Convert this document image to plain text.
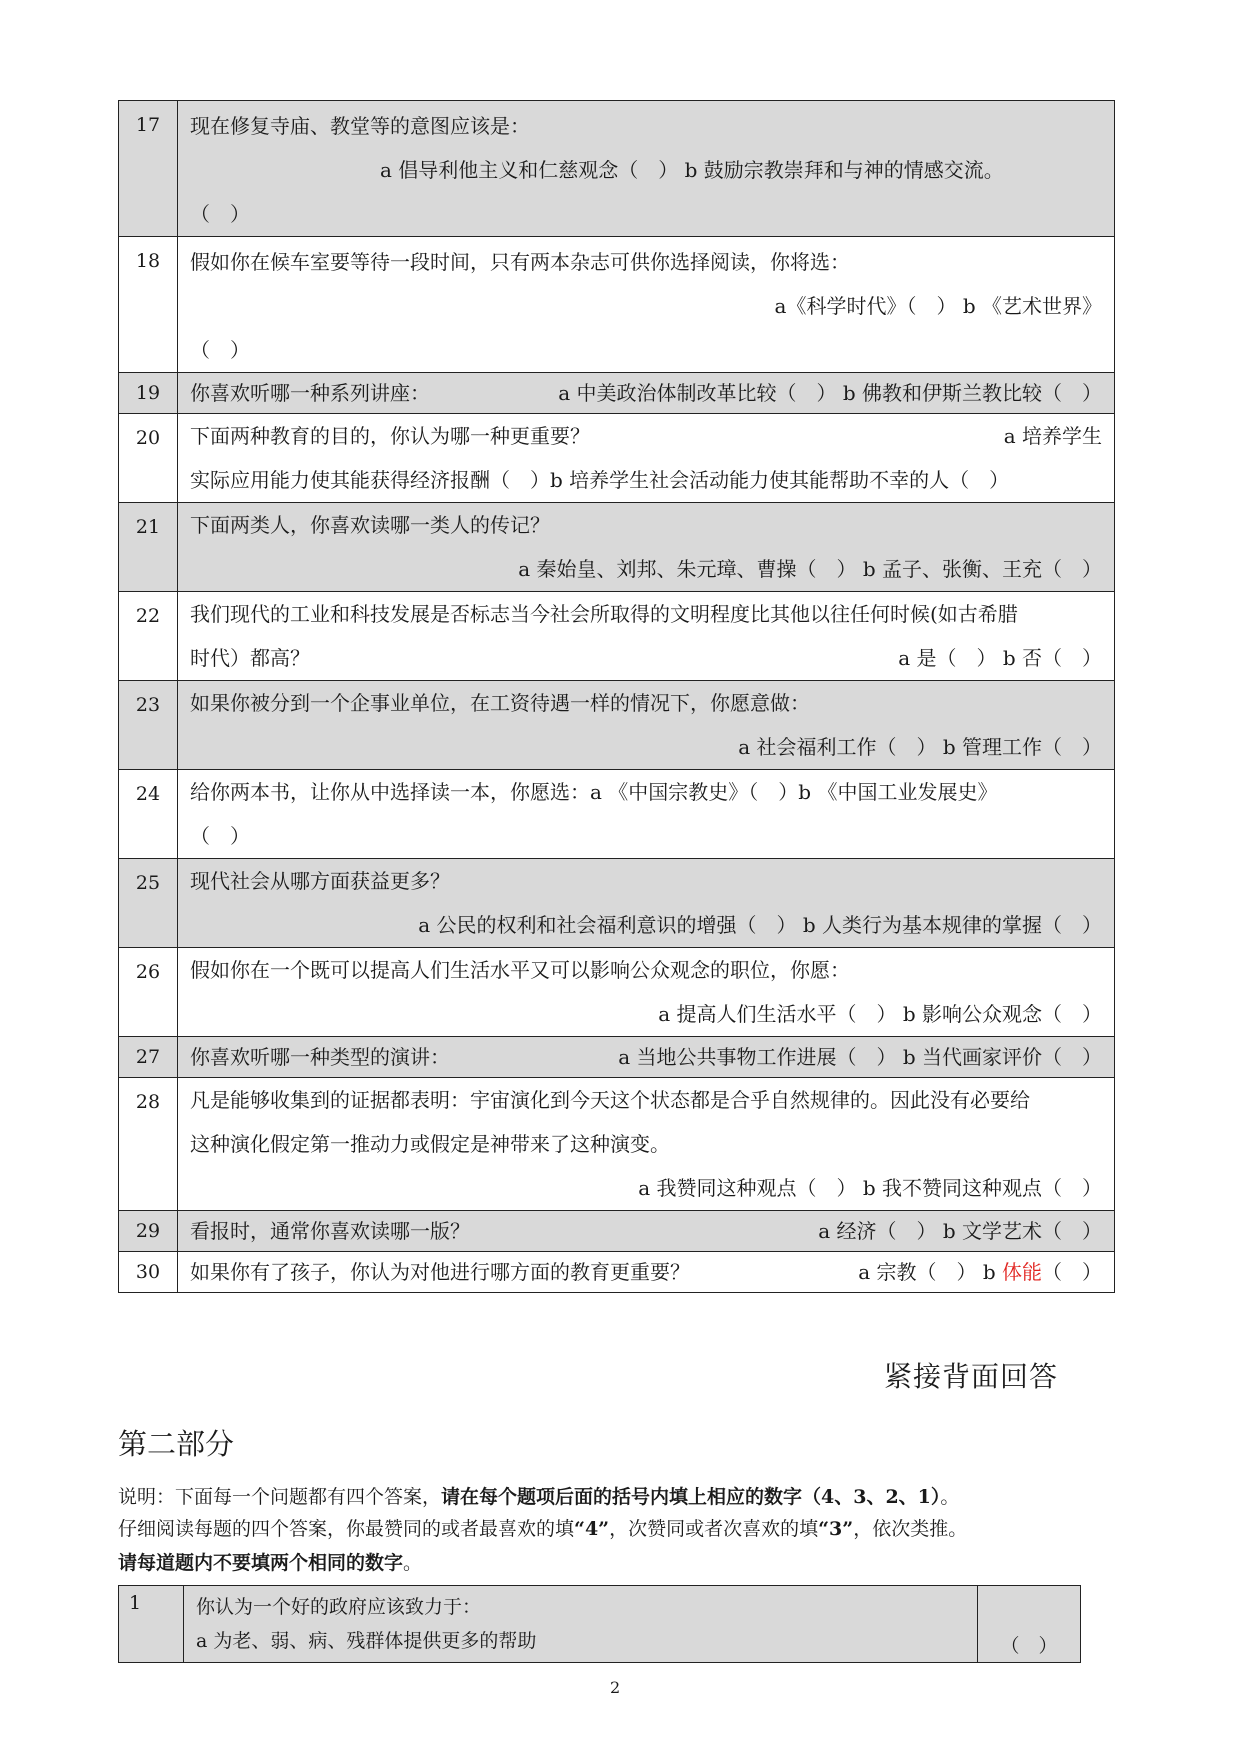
17	现在修复寺庙、教堂等的意图应该是：
a 倡导利他主义和仁慈观念（　） b 鼓励宗教崇拜和与神的情感交流。
（　）

18	假如你在候车室要等待一段时间，只有两本杂志可供你选择阅读，你将选：
a《科学时代》（　） b 《艺术世界》
（　）

19	你喜欢听哪一种系列讲座： a 中美政治体制改革比较（　） b 佛教和伊斯兰教比较（　）

20	下面两种教育的目的，你认为哪一种更重要？ a 培养学生
实际应用能力使其能获得经济报酬（　）b 培养学生社会活动能力使其能帮助不幸的人（　）

21	下面两类人，你喜欢读哪一类人的传记？
a 秦始皇、刘邦、朱元璋、曹操（　） b 孟子、张衡、王充（　）

22	我们现代的工业和科技发展是否标志当今社会所取得的文明程度比其他以往任何时候(如古希腊
时代）都高？ a 是（　） b 否（　）

23	如果你被分到一个企事业单位，在工资待遇一样的情况下，你愿意做：
a 社会福利工作（　） b 管理工作（　）

24	给你两本书，让你从中选择读一本，你愿选：a 《中国宗教史》（　）b 《中国工业发展史》
（　）

25	现代社会从哪方面获益更多？
a 公民的权利和社会福利意识的增强（　） b 人类行为基本规律的掌握（　）

26	假如你在一个既可以提高人们生活水平又可以影响公众观念的职位，你愿：
a 提高人们生活水平（　） b 影响公众观念（　）

27	你喜欢听哪一种类型的演讲： a 当地公共事物工作进展（　） b 当代画家评价（　）

28	凡是能够收集到的证据都表明：宇宙演化到今天这个状态都是合乎自然规律的。因此没有必要给
这种演化假定第一推动力或假定是神带来了这种演变。
a 我赞同这种观点（　） b 我不赞同这种观点（　）

29	看报时，通常你喜欢读哪一版？ a 经济（　） b 文学艺术（　）

30	如果你有了孩子，你认为对他进行哪方面的教育更重要？ a 宗教（　） b 体能（　）
紧接背面回答
第二部分
说明：下面每一个问题都有四个答案，请在每个题项后面的括号内填上相应的数字（4、3、2、1）。
仔细阅读每题的四个答案，你最赞同的或者最喜欢的填“4”，次赞同或者次喜欢的填“3”，依次类推。
请每道题内不要填两个相同的数字。
1	你认为一个好的政府应该致力于：
a 为老、弱、病、残群体提供更多的帮助	（　）
2
